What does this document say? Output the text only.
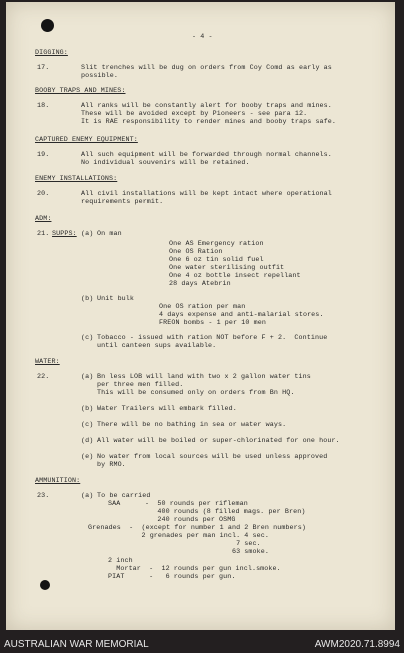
- 4 -
DIGGING:
17.	Slit trenches will be dug on orders from Coy Comd as early as
possible.
BOOBY TRAPS AND MINES:
18.	All ranks will be constantly alert for booby traps and mines.
These will be avoided except by Pioneers - see para 12.
It is RAE responsibility to render mines and booby traps safe.
CAPTURED ENEMY EQUIPMENT:
19.	All such equipment will be forwarded through normal channels.
No individual souvenirs will be retained.
ENEMY INSTALLATIONS:
20.	All civil installations will be kept intact where operational
requirements permit.
ADM:
21. SUPPS: (a) On man
One AS Emergency ration
One OS Ration
One 6 oz tin solid fuel
One water sterilising outfit
One 4 oz bottle insect repellant
28 days Atebrin
(b) Unit bulk
One OS ration per man
4 days expense and anti-malarial stores.
FREON bombs - 1 per 10 men
(c) Tobacco - issued with ration NOT before F + 2.  Continue
until canteen sups available.
WATER:
22.	(a) Bn less LOB will land with two x 2 gallon water tins
per three men filled.
This will be consumed only on orders from Bn HQ.
(b) Water Trailers will embark filled.
(c) There will be no bathing in sea or water ways.
(d) All water will be boiled or super-chlorinated for one hour.
(e) No water from local sources will be used unless approved
by RMO.
AMMUNITION:
23.	(a) To be carried
SAA      -  50 rounds per rifleman
400 rounds (8 filled mags. per Bren)
240 rounds per OSMG
Grenades  -  (except for number 1 and 2 Bren numbers)
2 grenades per man incl. 4 sec.
7 sec.
63 smoke.
2 inch
Mortar  -  12 rounds per gun incl.smoke.
PIAT      -   6 rounds per gun.
AUSTRALIAN WAR MEMORIAL	AWM2020.71.8994
